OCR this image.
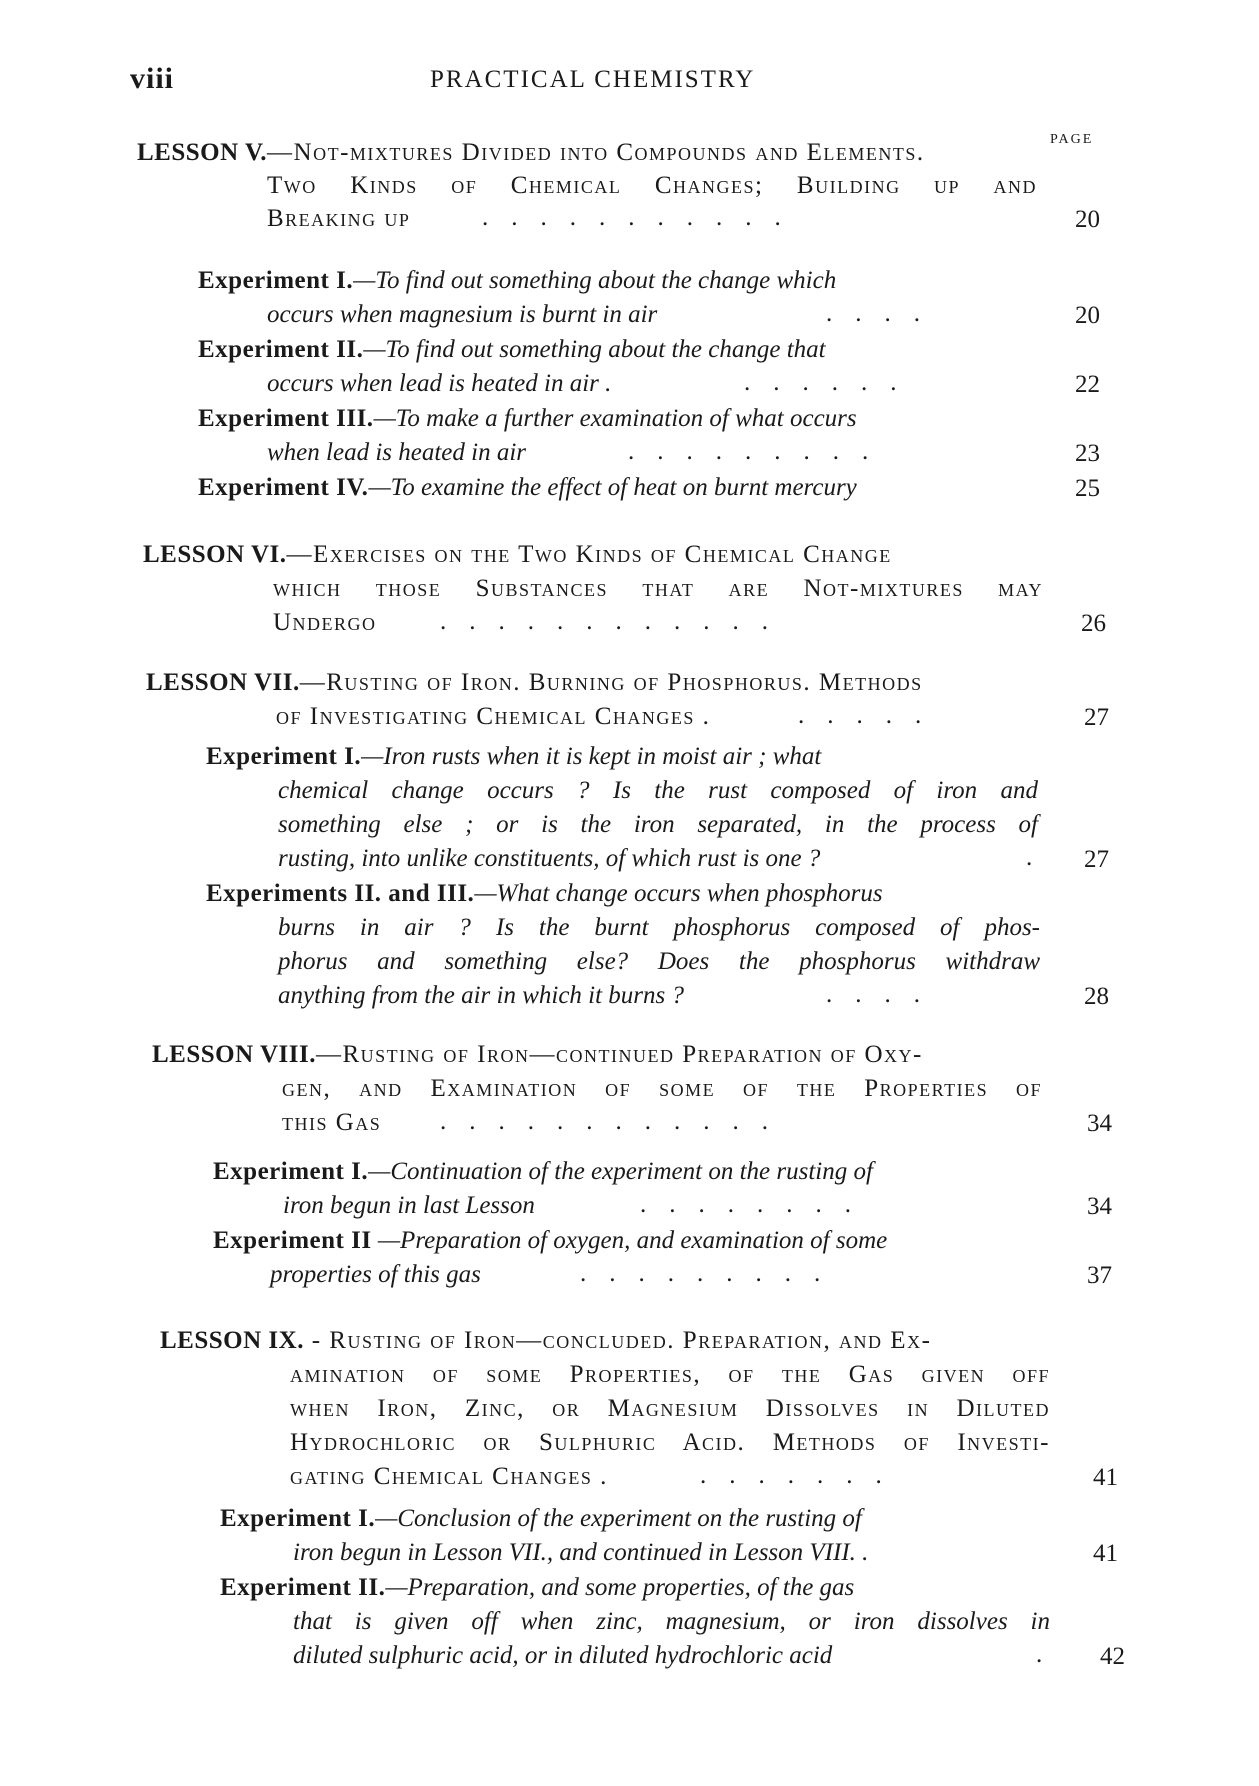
viii	PRACTICAL CHEMISTRY
PAGE
LESSON V.—Not-mixtures Divided into Compounds and Elements.
Two Kinds of Chemical Changes; Building up and
Breaking up	...........	20
Experiment I.—To find out something about the change which
occurs when magnesium is burnt in air	....	20
Experiment II.—To find out something about the change that
occurs when lead is heated in air .	......	22
Experiment III.—To make a further examination of what occurs
when lead is heated in air	.........	23
Experiment IV.—To examine the effect of heat on burnt mercury	25
LESSON VI.—Exercises on the Two Kinds of Chemical Change
which those Substances that are Not-mixtures may
Undergo	............	26
LESSON VII.—Rusting of Iron. Burning of Phosphorus. Methods
of Investigating Chemical Changes .	.....	27
Experiment I.—Iron rusts when it is kept in moist air ; what
chemical change occurs ? Is the rust composed of iron and
something else ; or is the iron separated, in the process of
rusting, into unlike constituents, of which rust is one ?	.	27
Experiments II. and III.—What change occurs when phosphorus
burns in air ? Is the burnt phosphorus composed of phos-
phorus and something else? Does the phosphorus withdraw
anything from the air in which it burns ?	....	28
LESSON VIII.—Rusting of Iron—continued Preparation of Oxy-
gen, and Examination of some of the Properties of
this Gas ............	34
Experiment I.—Continuation of the experiment on the rusting of
iron begun in last Lesson	........	34
Experiment II —Preparation of oxygen, and examination of some
properties of this gas	.........	37
LESSON IX. - Rusting of Iron—concluded. Preparation, and Ex-
amination of some Properties, of the Gas given off
when Iron, Zinc, or Magnesium Dissolves in Diluted
Hydrochloric or Sulphuric Acid. Methods of Investi-
gating Chemical Changes .	.......	41
Experiment I.—Conclusion of the experiment on the rusting of
iron begun in Lesson VII., and continued in Lesson VIII. .	41
Experiment II.—Preparation, and some properties, of the gas
that is given off when zinc, magnesium, or iron dissolves in
diluted sulphuric acid, or in diluted hydrochloric acid	.	42
